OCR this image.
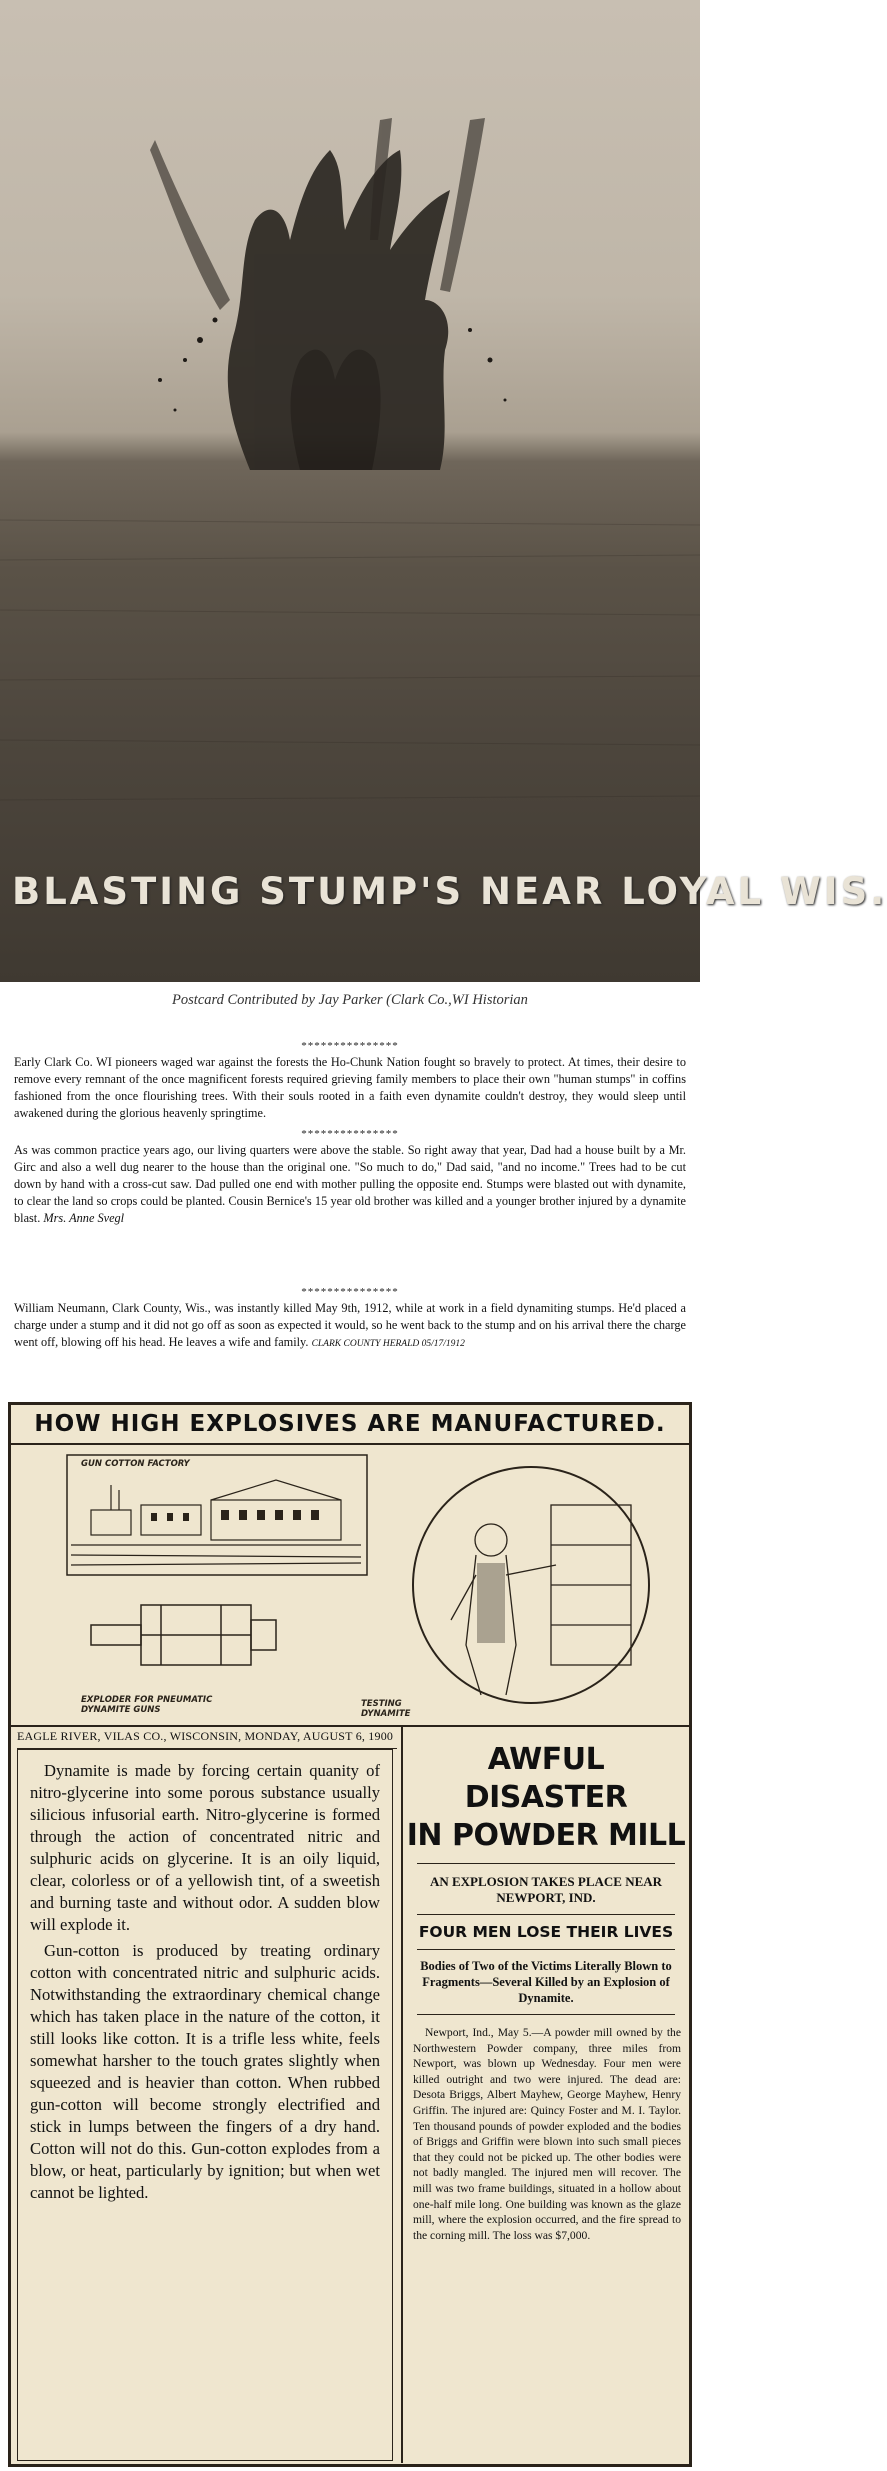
BLASTING STUMP'S NEAR LOYAL WIS.
Postcard Contributed by Jay Parker (Clark Co.,WI Historian
***************
Early Clark Co. WI pioneers waged war against the forests the Ho-Chunk Nation fought so bravely to protect. At times, their desire to remove every remnant of the once magnificent forests required grieving family members to place their own "human stumps" in coffins fashioned from the once flourishing trees. With their souls rooted in a faith even dynamite couldn't destroy, they would sleep until awakened during the glorious heavenly springtime.
***************
As was common practice years ago, our living quarters were above the stable. So right away that year, Dad had a house built by a Mr. Girc and also a well dug nearer to the house than the original one. "So much to do," Dad said, "and no income." Trees had to be cut down by hand with a cross-cut saw. Dad pulled one end with mother pulling the opposite end. Stumps were blasted out with dynamite, to clear the land so crops could be planted. Cousin Bernice's 15 year old brother was killed and a younger brother injured by a dynamite blast. Mrs. Anne Svegl
***************
William Neumann, Clark County, Wis., was instantly killed May 9th, 1912, while at work in a field dynamiting stumps. He'd placed a charge under a stump and it did not go off as soon as expected it would, so he went back to the stump and on his arrival there the charge went off, blowing off his head. He leaves a wife and family. CLARK COUNTY HERALD 05/17/1912
HOW HIGH EXPLOSIVES ARE MANUFACTURED.
GUN COTTON FACTORY
EXPLODER FOR PNEUMATIC DYNAMITE GUNS
TESTING DYNAMITE
EAGLE RIVER, VILAS CO., WISCONSIN, MONDAY, AUGUST 6, 1900

Dynamite is made by forcing certain quanity of nitro-glycerine into some porous substance usually silicious infusorial earth. Nitro-glycerine is formed through the action of concentrated nitric and sulphuric acids on glycerine. It is an oily liquid, clear, colorless or of a yellowish tint, of a sweetish and burning taste and without odor. A sudden blow will explode it.

Gun-cotton is produced by treating ordinary cotton with concentrated nitric and sulphuric acids. Notwithstanding the extraordinary chemical change which has taken place in the nature of the cotton, it still looks like cotton. It is a trifle less white, feels somewhat harsher to the touch grates slightly when squeezed and is heavier than cotton. When rubbed gun-cotton will become strongly electrified and stick in lumps between the fingers of a dry hand. Cotton will not do this. Gun-cotton explodes from a blow, or heat, particularly by ignition; but when wet cannot be lighted.

AWFUL DISASTER
IN POWDER MILL
AN EXPLOSION TAKES PLACE NEAR NEWPORT, IND.
FOUR MEN LOSE THEIR LIVES
Bodies of Two of the Victims Literally Blown to Fragments—Several Killed by an Explosion of Dynamite.
Newport, Ind., May 5.—A powder mill owned by the Northwestern Powder company, three miles from Newport, was blown up Wednesday. Four men were killed outright and two were injured. The dead are: Desota Briggs, Albert Mayhew, George Mayhew, Henry Griffin. The injured are: Quincy Foster and M. I. Taylor. Ten thousand pounds of powder exploded and the bodies of Briggs and Griffin were blown into such small pieces that they could not be picked up. The other bodies were not badly mangled. The injured men will recover. The mill was two frame buildings, situated in a hollow about one-half mile long. One building was known as the glaze mill, where the explosion occurred, and the fire spread to the corning mill. The loss was $7,000.
